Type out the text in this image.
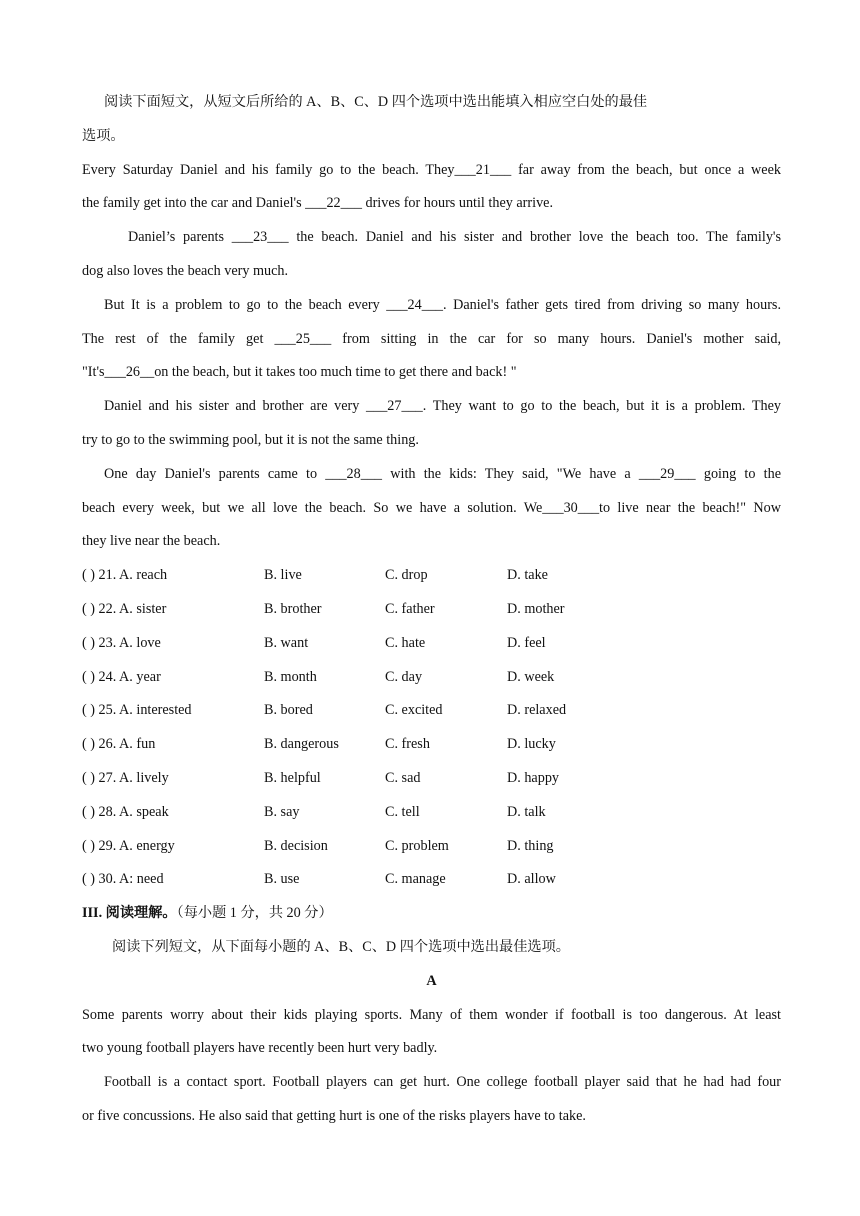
阅读下面短文，从短文后所给的 A、B、C、D 四个选项中选出能填入相应空白处的最佳

选项。

Every Saturday Daniel and his family go to the beach. They___21___ far away from the beach, but once a week

the family get into the car and Daniel's ___22___ drives for hours until they arrive.

Daniel’s parents ___23___ the beach. Daniel and his sister and brother love the beach too. The family's

dog also loves the beach very much.

But It is a problem to go to the beach every ___24___. Daniel's father gets tired from driving so many hours.

The rest of the family get ___25___ from sitting in the car for so many hours. Daniel's mother said,

"It's___26__on the beach, but it takes too much time to get there and back! "

Daniel and his sister and brother are very ___27___. They want to go to the beach, but it is a problem. They

try to go to the swimming pool, but it is not the same thing.

One day Daniel's parents came to ___28___ with the kids: They said, "We have a ___29___ going to the

beach every week, but we all love the beach. So we have a solution. We___30___to live near the beach!" Now

they live near the beach.

( ) 21. A. reach	B. live	C. drop	D. take
( ) 22. A. sister	B. brother	C. father	D. mother
( ) 23. A. love	B. want	C. hate	D. feel
( ) 24. A. year	B. month	C. day	D. week
( ) 25. A. interested	B. bored	C. excited	D. relaxed
( ) 26. A. fun	B. dangerous	C. fresh	D. lucky
( ) 27. A. lively	B. helpful	C. sad	D. happy
( ) 28. A. speak	B. say	C. tell	D. talk
( ) 29. A. energy	B. decision	C. problem	D. thing
( ) 30. A: need	B. use	C. manage	D. allow

III. 阅读理解。（每小题 1 分，共 20 分）

阅读下列短文，从下面每小题的 A、B、C、D 四个选项中选出最佳选项。

A

Some parents worry about their kids playing sports. Many of them wonder if football is too dangerous. At least

two young football players have recently been hurt very badly.

Football is a contact sport. Football players can get hurt. One college football player said that he had had four

or five concussions. He also said that getting hurt is one of the risks players have to take.
